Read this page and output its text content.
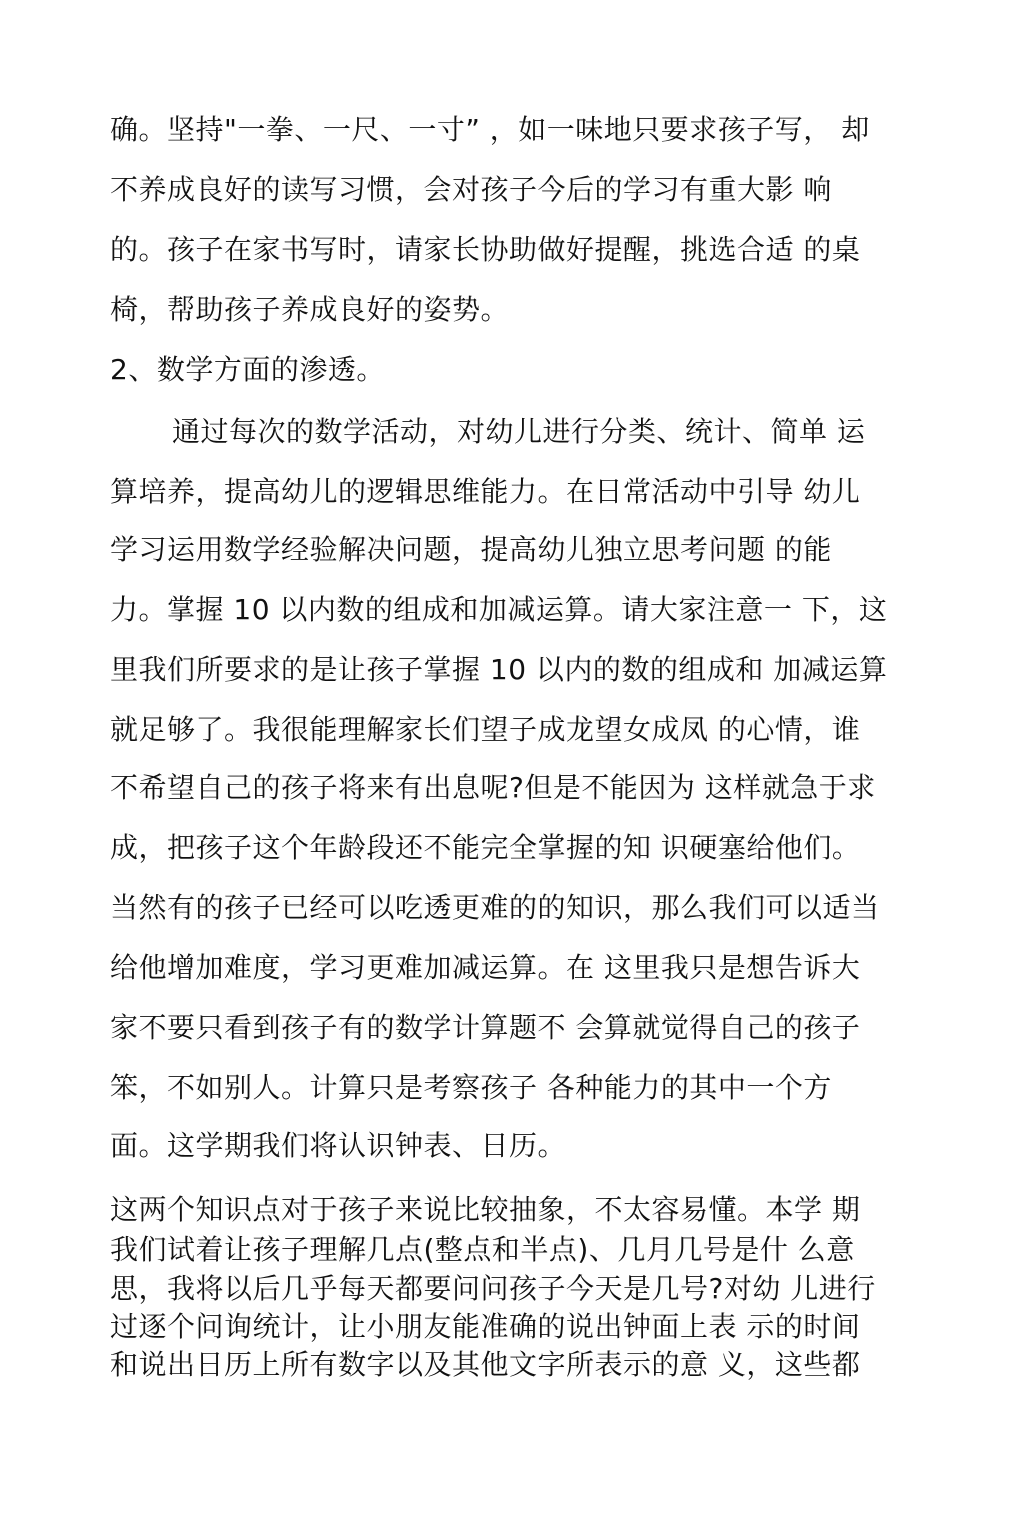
确。坚持"一拳、一尺、一寸” ，如一味地只要求孩子写， 却
不养成良好的读写习惯，会对孩子今后的学习有重大影 响
的。孩子在家书写时，请家长协助做好提醒，挑选合适 的桌
椅，帮助孩子养成良好的姿势。
2、数学方面的渗透。
通过每次的数学活动，对幼儿进行分类、统计、简单 运
算培养，提高幼儿的逻辑思维能力。在日常活动中引导 幼儿
学习运用数学经验解决问题，提高幼儿独立思考问题 的能
力。掌握 10 以内数的组成和加减运算。请大家注意一 下，这
里我们所要求的是让孩子掌握 10 以内的数的组成和 加减运算
就足够了。我很能理解家长们望子成龙望女成凤 的心情，谁
不希望自己的孩子将来有出息呢?但是不能因为 这样就急于求
成，把孩子这个年龄段还不能完全掌握的知 识硬塞给他们。
当然有的孩子已经可以吃透更难的的知识，那么我们可以适当
给他增加难度，学习更难加减运算。在 这里我只是想告诉大
家不要只看到孩子有的数学计算题不 会算就觉得自己的孩子
笨，不如别人。计算只是考察孩子 各种能力的其中一个方
面。这学期我们将认识钟表、日历。
这两个知识点对于孩子来说比较抽象，不太容易懂。本学 期
我们试着让孩子理解几点(整点和半点)、几月几号是什 么意
思，我将以后几乎每天都要问问孩子今天是几号?对幼 儿进行
过逐个问询统计，让小朋友能准确的说出钟面上表 示的时间
和说出日历上所有数字以及其他文字所表示的意 义，这些都
